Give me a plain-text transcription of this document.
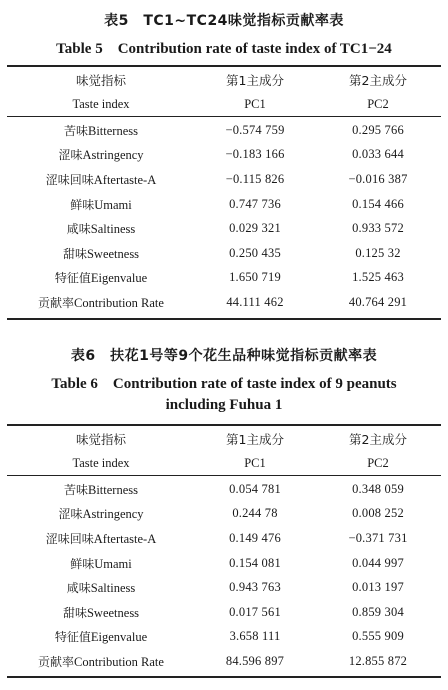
表5　TC1~TC24味觉指标贡献率表
Table 5　Contribution rate of taste index of TC1−24
味觉指标	第1主成分	第2主成分
Taste index	PC1	PC2
苦味Bitterness	−0.574 759	0.295 766
涩味Astringency	−0.183 166	0.033 644
涩味回味Aftertaste-A	−0.115 826	−0.016 387
鲜味Umami	0.747 736	0.154 466
咸味Saltiness	0.029 321	0.933 572
甜味Sweetness	0.250 435	0.125 32
特征值Eigenvalue	1.650 719	1.525 463
贡献率Contribution Rate	44.111 462	40.764 291
表6　扶花1号等9个花生品种味觉指标贡献率表
Table 6　Contribution rate of taste index of 9 peanuts
including Fuhua 1
味觉指标	第1主成分	第2主成分
Taste index	PC1	PC2
苦味Bitterness	0.054 781	0.348 059
涩味Astringency	0.244 78	0.008 252
涩味回味Aftertaste-A	0.149 476	−0.371 731
鲜味Umami	0.154 081	0.044 997
咸味Saltiness	0.943 763	0.013 197
甜味Sweetness	0.017 561	0.859 304
特征值Eigenvalue	3.658 111	0.555 909
贡献率Contribution Rate	84.596 897	12.855 872
